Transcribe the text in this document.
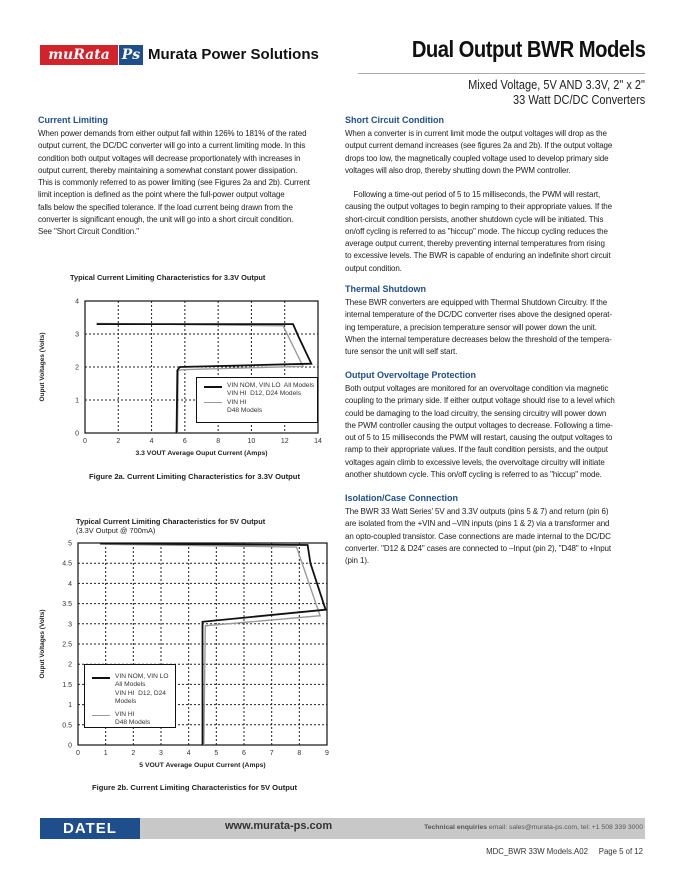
muRata Ps Murata Power Solutions	Dual Output BWR Models
Mixed Voltage, 5V AND 3.3V, 2" x 2"
33 Watt DC/DC Converters
Current Limiting

When power demands from either output fall within 126% to 181% of the rated
output current, the DC/DC converter will go into a current limiting mode. In this
condition both output voltages will decrease proportionately with increases in
output current, thereby maintaining a somewhat constant power dissipation.
This is commonly referred to as power limiting (see Figures 2a and 2b). Current
limit inception is defined as the point where the full-power output voltage
falls below the specified tolerance. If the load current being drawn from the
converter is significant enough, the unit will go into a short circuit condition.
See "Short Circuit Condition."

Typical Current Limiting Characteristics for 3.3V Output
0	2	4	6	8	10	12	14
0
1
2
3
4
3.3 VOUT Average Ouput Current (Amps)
Ouput Voltages (Volts)	VIN NOM, VIN LO  All Models
VIN HI  D12, D24 Models
VIN HI
D48 Models
Figure 2a. Current Limiting Characteristics for 3.3V Output
Typical Current Limiting Characteristics for 5V Output
(3.3V Output @ 700mA)
0	1	2	3	4	5	6	7	8	9
0
0.5
1
1.5
2
2.5
3
3.5
4
4.5
5
5 VOUT Average Ouput Current (Amps)
Ouput Voltages (Volts)	VIN NOM, VIN LO
All Models
VIN HI  D12, D24
Models
VIN HI
D48 Models
Figure 2b. Current Limiting Characteristics for 5V Output
Short Circuit Condition

When a converter is in current limit mode the output voltages will drop as the
output current demand increases (see figures 2a and 2b). If the output voltage
drops too low, the magnetically coupled voltage used to develop primary side
voltages will also drop, thereby shutting down the PWM controller.

Following a time-out period of 5 to 15 milliseconds, the PWM will restart,
causing the output voltages to begin ramping to their appropriate values. If the
short-circuit condition persists, another shutdown cycle will be initiated. This
on/off cycling is referred to as "hiccup" mode. The hiccup cycling reduces the
average output current, thereby preventing internal temperatures from rising
to excessive levels. The BWR is capable of enduring an indefinite short circuit
output condition.

Thermal Shutdown

These BWR converters are equipped with Thermal Shutdown Circuitry. If the
internal temperature of the DC/DC converter rises above the designed operat-
ing temperature, a precision temperature sensor will power down the unit.
When the internal temperature decreases below the threshold of the tempera-
ture sensor the unit will self start.

Output Overvoltage Protection

Both output voltages are monitored for an overvoltage condition via magnetic
coupling to the primary side. If either output voltage should rise to a level which
could be damaging to the load circuitry, the sensing circuitry will power down
the PWM controller causing the output voltages to decrease. Following a time-
out of 5 to 15 milliseconds the PWM will restart, causing the output voltages to
ramp to their appropriate values. If the fault condition persists, and the output
voltages again climb to excessive levels, the overvoltage circuitry will initiate
another shutdown cycle. This on/off cycling is referred to as "hiccup" mode.

Isolation/Case Connection

The BWR 33 Watt Series' 5V and 3.3V outputs (pins 5 & 7) and return (pin 6)
are isolated from the +VIN and –VIN inputs (pins 1 & 2) via a transformer and
an opto-coupled transistor. Case connections are made internal to the DC/DC
converter. "D12 & D24" cases are connected to –Input (pin 2), "D48" to +Input
(pin 1).

DATEL	www.murata-ps.com	Technical enquiries email: sales@murata-ps.com, tel: +1 508 339 3000
MDC_BWR 33W Models.A02 Page 5 of 12
